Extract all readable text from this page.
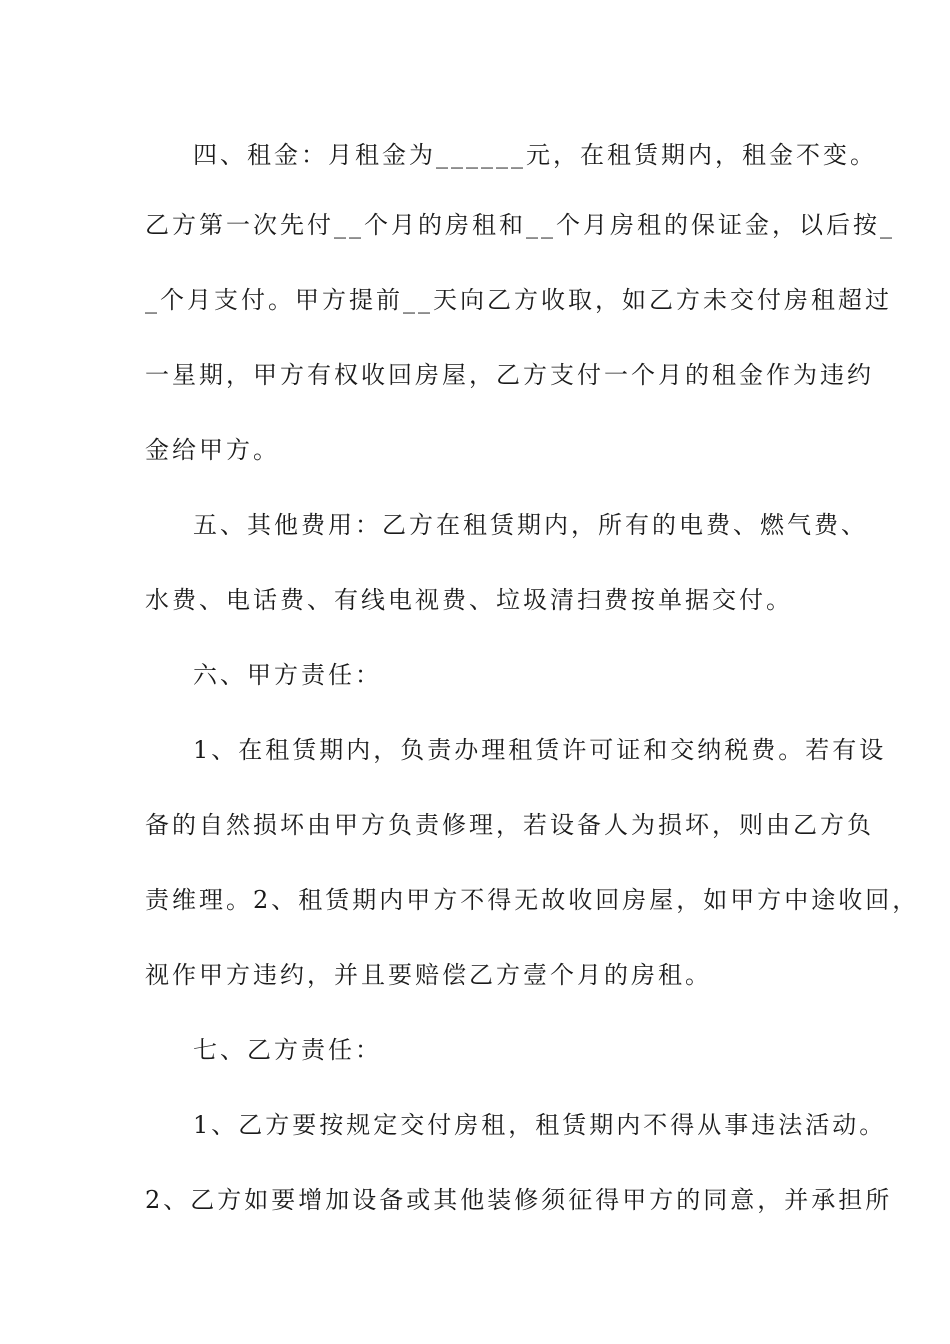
四、租金：月租金为______元，在租赁期内，租金不变。
乙方第一次先付__个月的房租和__个月房租的保证金，以后按_
_个月支付。甲方提前__天向乙方收取，如乙方未交付房租超过
一星期，甲方有权收回房屋，乙方支付一个月的租金作为违约
金给甲方。
五、其他费用：乙方在租赁期内，所有的电费、燃气费、
水费、电话费、有线电视费、垃圾清扫费按单据交付。
六、甲方责任：
1、在租赁期内，负责办理租赁许可证和交纳税费。若有设
备的自然损坏由甲方负责修理，若设备人为损坏，则由乙方负
责维理。2、租赁期内甲方不得无故收回房屋，如甲方中途收回，
视作甲方违约，并且要赔偿乙方壹个月的房租。
七、乙方责任：
1、乙方要按规定交付房租，租赁期内不得从事违法活动。
2、乙方如要增加设备或其他装修须征得甲方的同意，并承担所
